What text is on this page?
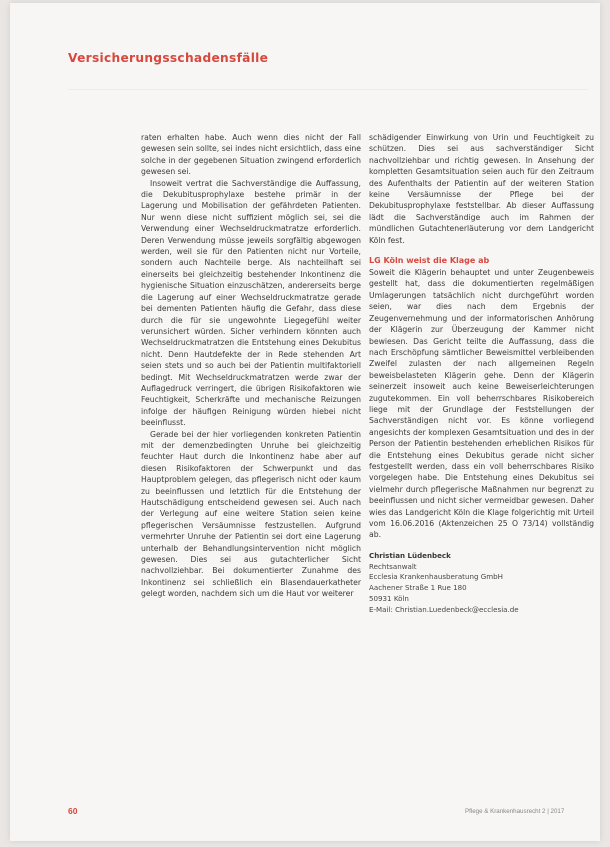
Versicherungsschadensfälle

raten erhalten habe. Auch wenn dies nicht der Fall gewesen sein sollte, sei indes nicht ersichtlich, dass eine solche in der gegebenen Situation zwingend erforderlich gewesen sei.

Insoweit vertrat die Sachverständige die Auffassung, die Dekubitusprophylaxe bestehe primär in der Lagerung und Mobilisation der gefährdeten Patienten. Nur wenn diese nicht suffizient möglich sei, sei die Verwendung einer Wechseldruckmatratze erforderlich. Deren Verwendung müsse jeweils sorgfältig abgewogen werden, weil sie für den Patienten nicht nur Vorteile, sondern auch Nachteile berge. Als nachteilhaft sei einerseits bei gleichzeitig bestehender Inkontinenz die hygienische Situation einzuschätzen, andererseits berge die Lagerung auf einer Wechseldruckmatratze gerade bei dementen Patienten häufig die Gefahr, dass diese durch die für sie ungewohnte Liegegefühl weiter verunsichert würden. Sicher verhindern könnten auch Wechseldruckmatratzen die Entstehung eines Dekubitus nicht. Denn Hautdefekte der in Rede stehenden Art seien stets und so auch bei der Patientin multifaktoriell bedingt. Mit Wechseldruckmatratzen werde zwar der Auflagedruck verringert, die übrigen Risikofaktoren wie Feuchtigkeit, Scherkräfte und mechanische Reizungen infolge der häufigen Reinigung würden hiebei nicht beeinflusst.

Gerade bei der hier vorliegenden konkreten Patientin mit der demenzbedingten Unruhe bei gleichzeitig feuchter Haut durch die Inkontinenz habe aber auf diesen Risikofaktoren der Schwerpunkt und das Hauptproblem gelegen, das pflegerisch nicht oder kaum zu beeinflussen und letztlich für die Entstehung der Hautschädigung entscheidend gewesen sei. Auch nach der Verlegung auf eine weitere Station seien keine pflegerischen Versäumnisse festzustellen. Aufgrund vermehrter Unruhe der Patientin sei dort eine Lagerung unterhalb der Behandlungsintervention nicht möglich gewesen. Dies sei aus gutachterlicher Sicht nachvollziehbar. Bei dokumentierter Zunahme des Inkontinenz sei schließlich ein Blasendauerkatheter gelegt worden, nachdem sich um die Haut vor weiterer

schädigender Einwirkung von Urin und Feuchtigkeit zu schützen. Dies sei aus sachverständiger Sicht nachvollziehbar und richtig gewesen. In Ansehung der kompletten Gesamtsituation seien auch für den Zeitraum des Aufenthalts der Patientin auf der weiteren Station keine Versäumnisse der Pflege bei der Dekubitusprophylaxe feststellbar. Ab dieser Auffassung lädt die Sachverständige auch im Rahmen der mündlichen Gutachtenerläuterung vor dem Landgericht Köln fest.

LG Köln weist die Klage ab

Soweit die Klägerin behauptet und unter Zeugenbeweis gestellt hat, dass die dokumentierten regelmäßigen Umlagerungen tatsächlich nicht durchgeführt worden seien, war dies nach dem Ergebnis der Zeugenvernehmung und der informatorischen Anhörung der Klägerin zur Überzeugung der Kammer nicht bewiesen. Das Gericht teilte die Auffassung, dass die nach Erschöpfung sämtlicher Beweismittel verbleibenden Zweifel zulasten der nach allgemeinen Regeln beweisbelasteten Klägerin gehe. Denn der Klägerin seinerzeit insoweit auch keine Beweiserleichterungen zugutekommen. Ein voll beherrschbares Risikobereich liege mit der Grundlage der Feststellungen der Sachverständigen nicht vor. Es könne vorliegend angesichts der komplexen Gesamtsituation und des in der Person der Patientin bestehenden erheblichen Risikos für die Entstehung eines Dekubitus gerade nicht sicher festgestellt werden, dass ein voll beherrschbares Risiko vorgelegen habe. Die Entstehung eines Dekubitus sei vielmehr durch pflegerische Maßnahmen nur begrenzt zu beeinflussen und nicht sicher vermeidbar gewesen. Daher wies das Landgericht Köln die Klage folgerichtig mit Urteil vom 16.06.2016 (Aktenzeichen 25 O 73/14) vollständig ab.

Christian Lüdenbeck
Rechtsanwalt
Ecclesia Krankenhausberatung GmbH
Aachener Straße 1 Rue 180
50931 Köln
E-Mail: Christian.Luedenbeck@ecclesia.de
60	Pflege & Krankenhausrecht 2 | 2017
